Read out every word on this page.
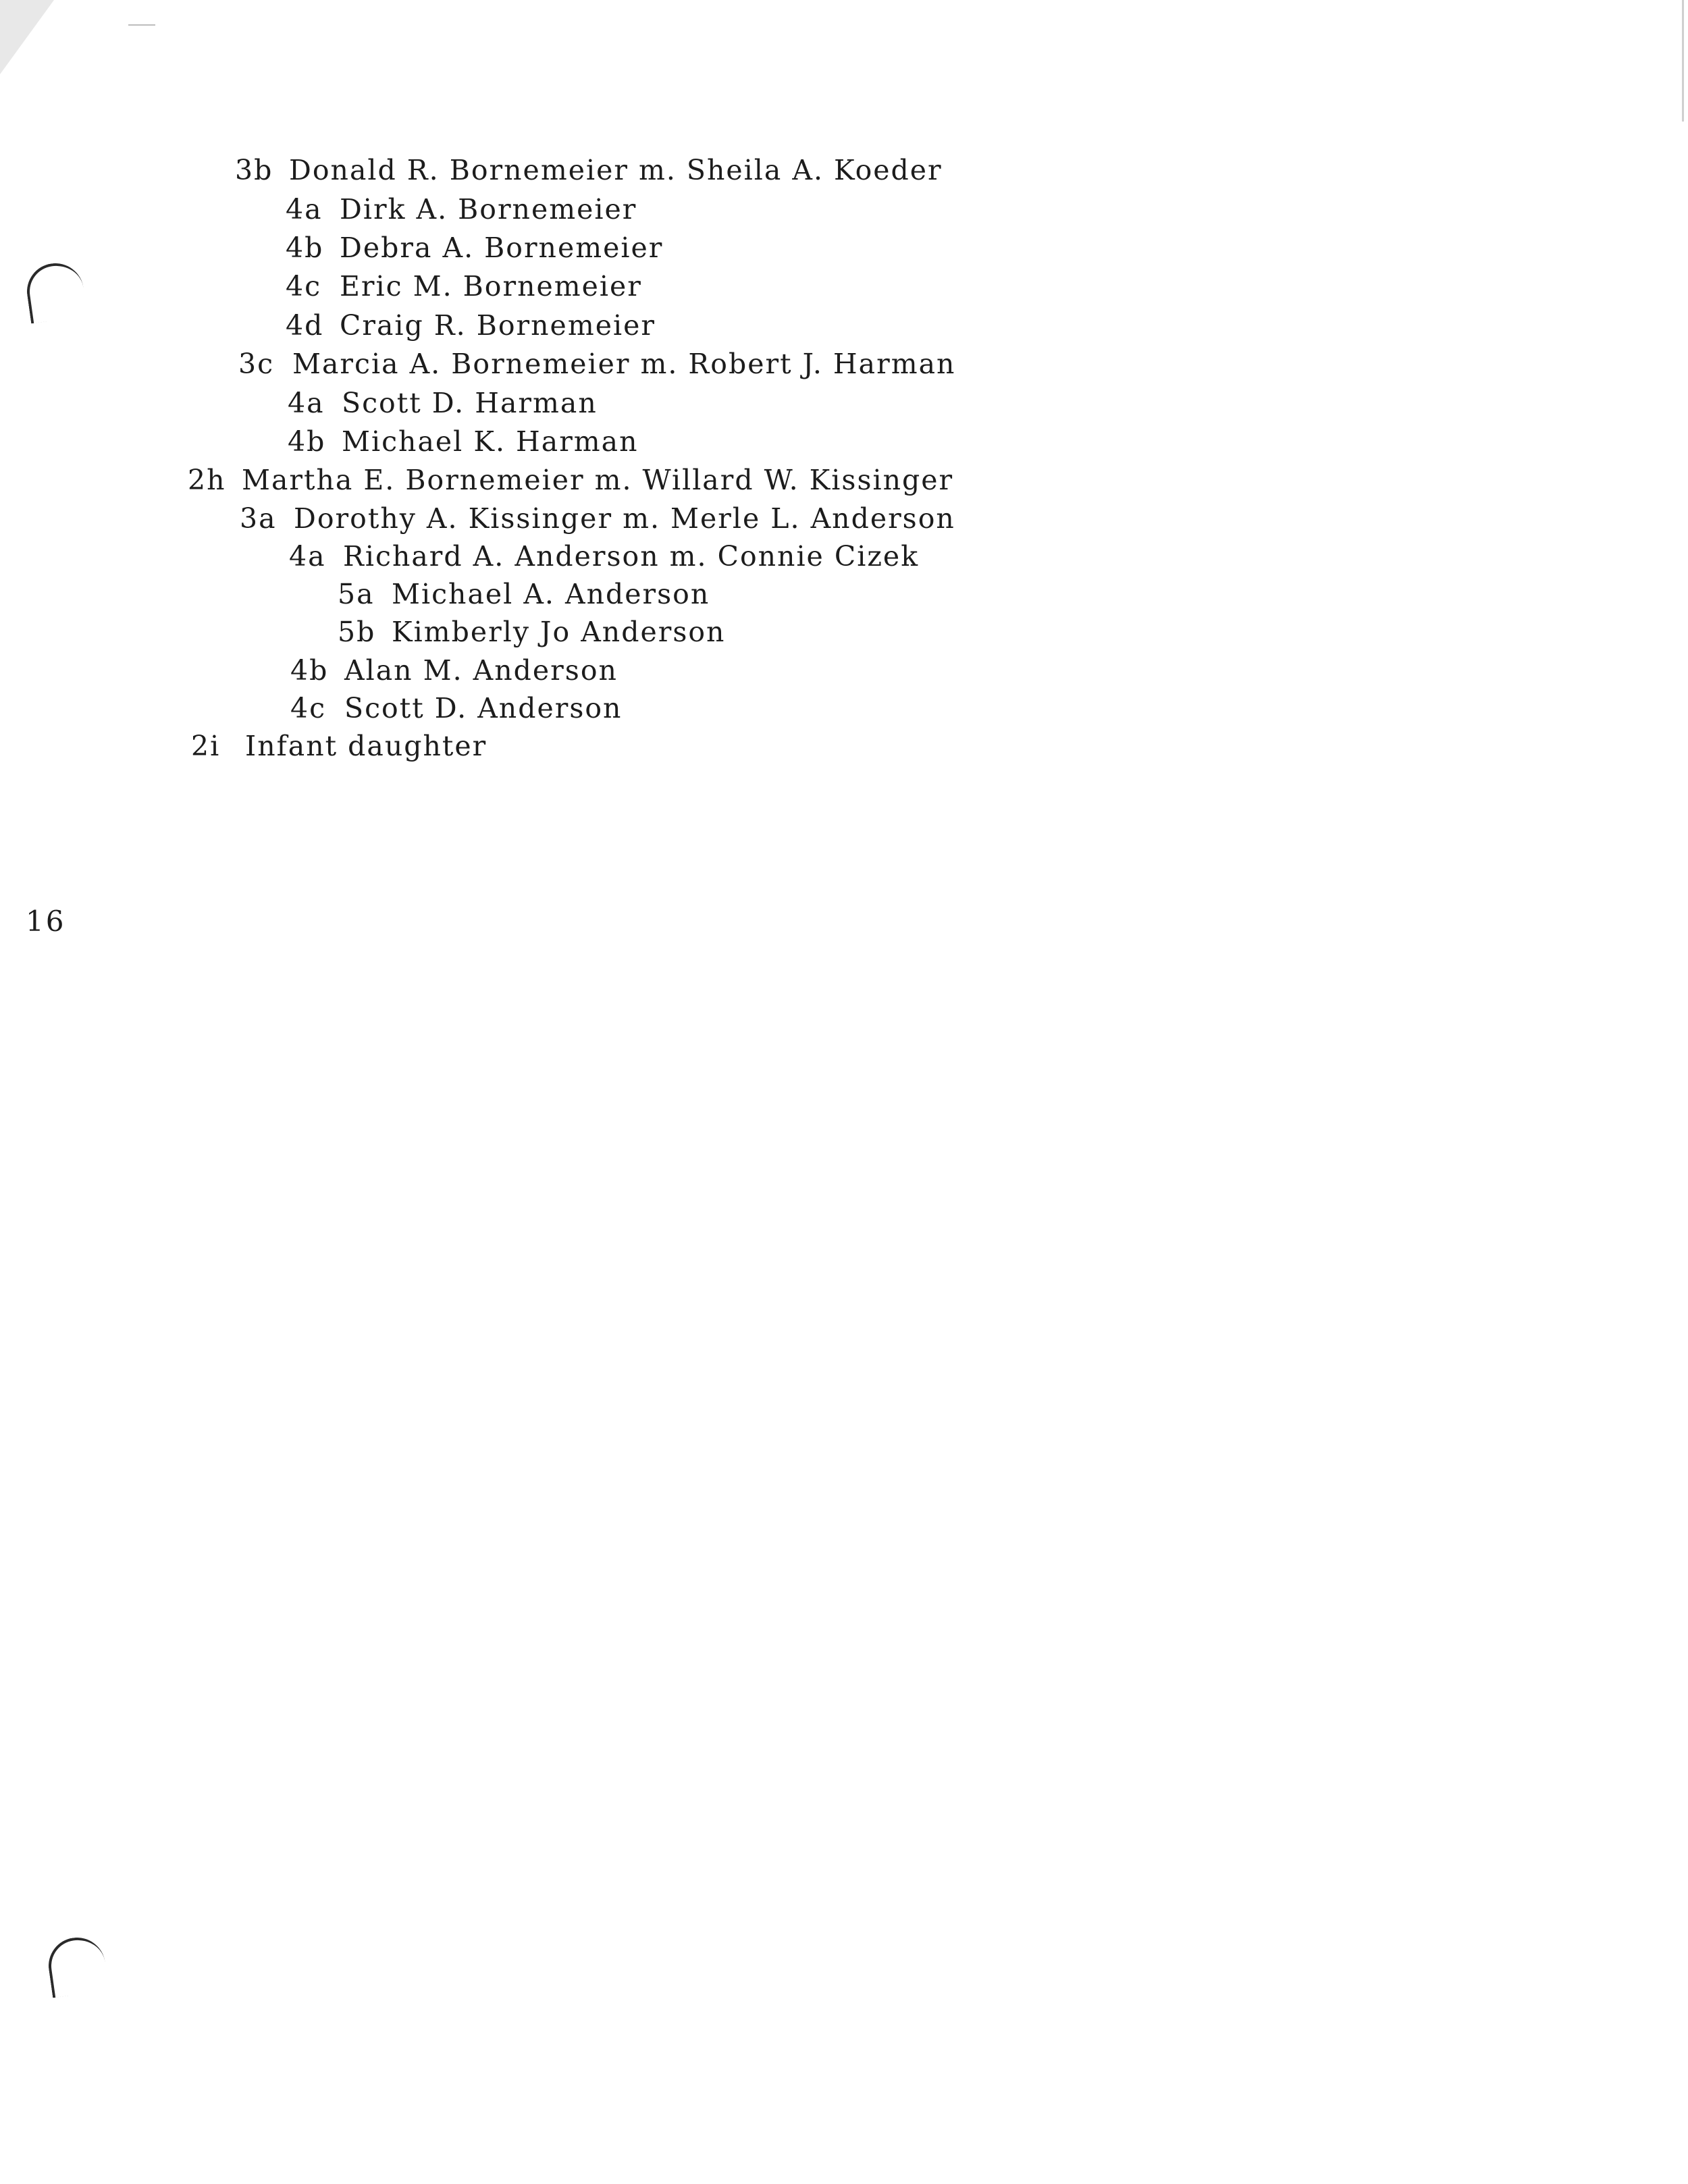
3b Donald R. Bornemeier m. Sheila A. Koeder
4a Dirk A. Bornemeier
4b Debra A. Bornemeier
4c Eric M. Bornemeier
4d Craig R. Bornemeier
3c Marcia A. Bornemeier m. Robert J. Harman
4a Scott D. Harman
4b Michael K. Harman
2h Martha E. Bornemeier m. Willard W. Kissinger
3a Dorothy A. Kissinger m. Merle L. Anderson
4a Richard A. Anderson m. Connie Cizek
5a Michael A. Anderson
5b Kimberly Jo Anderson
4b Alan M. Anderson
4c Scott D. Anderson
2i Infant daughter
16
